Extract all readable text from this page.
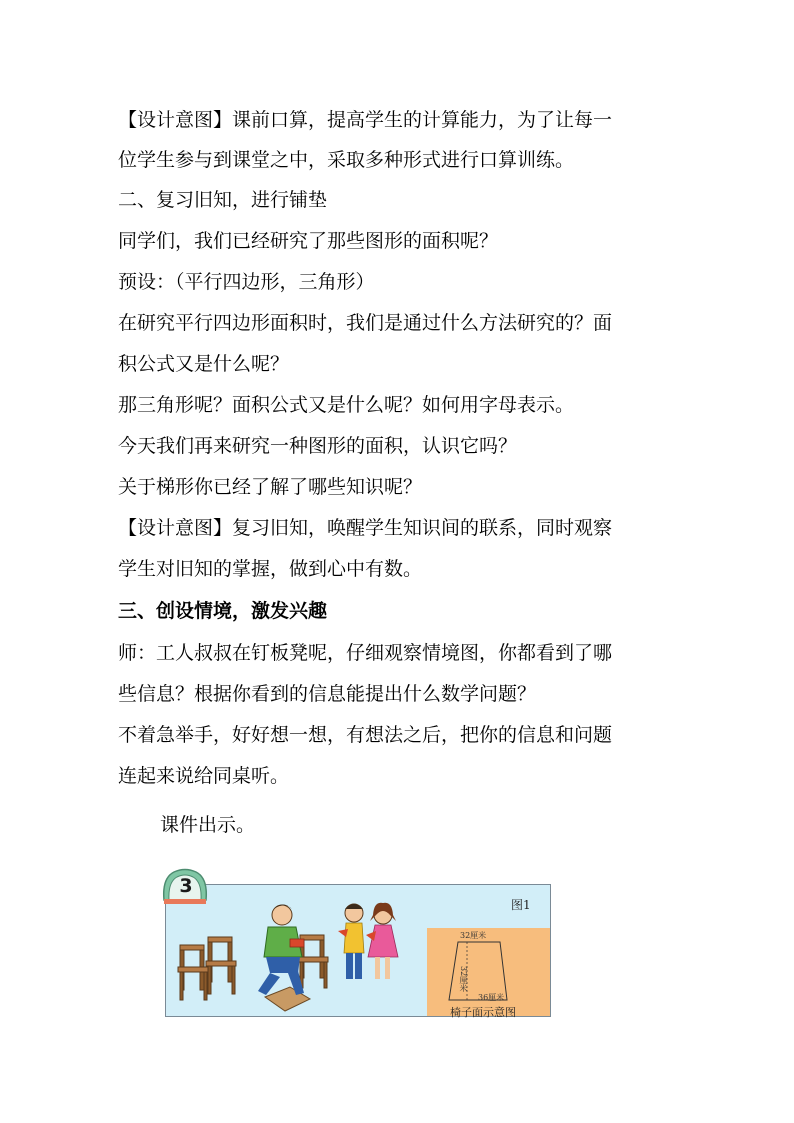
【设计意图】课前口算，提高学生的计算能力，为了让每一
位学生参与到课堂之中，采取多种形式进行口算训练。
二、复习旧知，进行铺垫
同学们，我们已经研究了那些图形的面积呢？
预设：（平行四边形，三角形）
在研究平行四边形面积时，我们是通过什么方法研究的？面
积公式又是什么呢？
那三角形呢？面积公式又是什么呢？如何用字母表示。
今天我们再来研究一种图形的面积，认识它吗？
关于梯形你已经了解了哪些知识呢？
【设计意图】复习旧知，唤醒学生知识间的联系，同时观察
学生对旧知的掌握，做到心中有数。
三、创设情境，激发兴趣
师：工人叔叔在钉板凳呢，仔细观察情境图，你都看到了哪
些信息？根据你看到的信息能提出什么数学问题？
不着急举手，好好想一想，有想法之后，把你的信息和问题
连起来说给同桌听。
课件出示。
3
图1
32厘米
32厘米
36厘米
椅子面示意图
